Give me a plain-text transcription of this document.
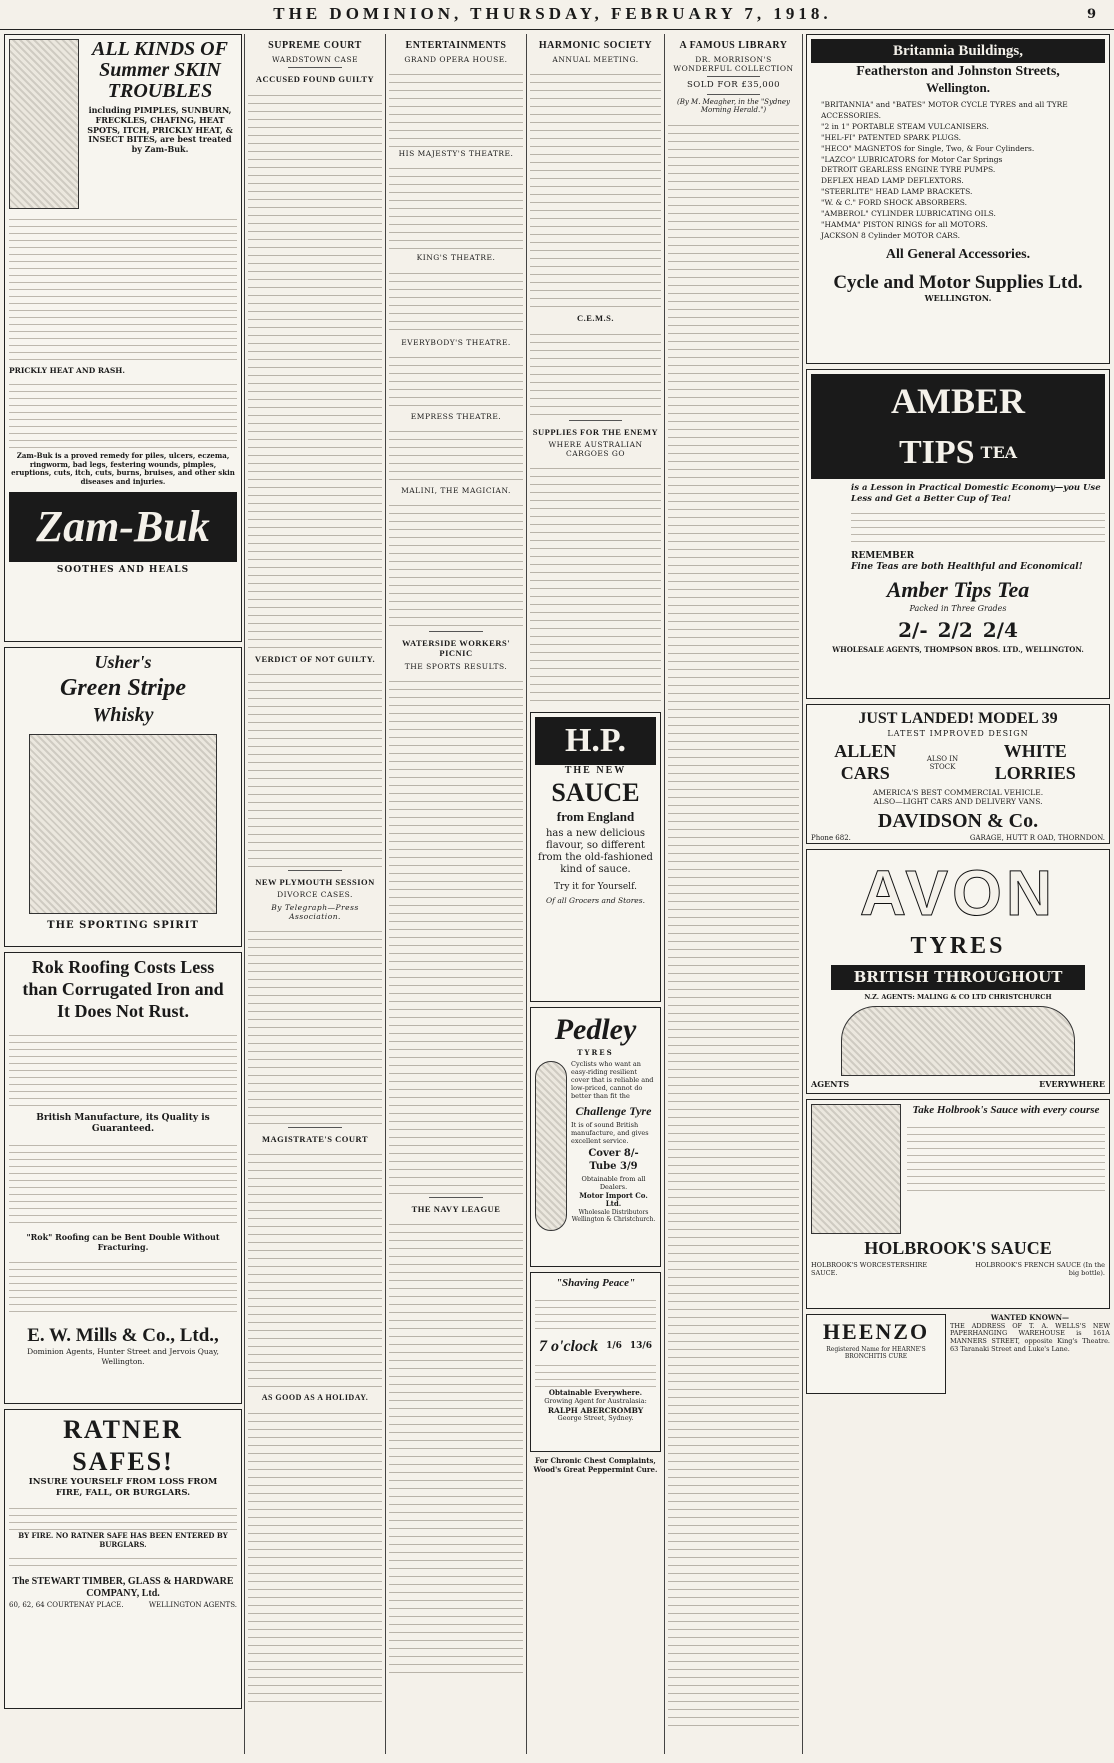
THE DOMINION, THURSDAY, FEBRUARY 7, 1918.	9
ALL KINDS OF Summer SKIN TROUBLES
including PIMPLES, SUNBURN, FRECKLES, CHAFING, HEAT SPOTS, ITCH, PRICKLY HEAT, & INSECT BITES, are best treated by Zam-Buk.
PRICKLY HEAT AND RASH.
Zam-Buk is a proved remedy for piles, ulcers, eczema, ringworm, bad legs, festering wounds, pimples, eruptions, cuts, itch, cuts, burns, bruises, and other skin diseases and injuries.
Zam-Buk
SOOTHES AND HEALS
Usher's
Green Stripe
Whisky
THE SPORTING SPIRIT
Rok Roofing Costs Less
than Corrugated Iron and
It Does Not Rust.
British Manufacture, its Quality is Guaranteed.
"Rok" Roofing can be Bent Double Without Fracturing.
E. W. Mills & Co., Ltd.,
Dominion Agents, Hunter Street and Jervois Quay, Wellington.
RATNER SAFES!
INSURE YOURSELF FROM LOSS FROM
FIRE, FALL, OR BURGLARS.
BY FIRE. NO RATNER SAFE HAS BEEN ENTERED BY BURGLARS.
The STEWART TIMBER, GLASS & HARDWARE COMPANY, Ltd.
60, 62, 64 COURTENAY PLACE.	WELLINGTON AGENTS.
SUPREME COURT
WARDSTOWN CASE
ACCUSED FOUND GUILTY
VERDICT OF NOT GUILTY.
NEW PLYMOUTH SESSION
DIVORCE CASES.
By Telegraph—Press Association.
MAGISTRATE'S COURT
AS GOOD AS A HOLIDAY.
ENTERTAINMENTS
GRAND OPERA HOUSE.
HIS MAJESTY'S THEATRE.
KING'S THEATRE.
EVERYBODY'S THEATRE.
EMPRESS THEATRE.
MALINI, THE MAGICIAN.
WATERSIDE WORKERS' PICNIC
THE SPORTS RESULTS.
THE NAVY LEAGUE
HARMONIC SOCIETY
ANNUAL MEETING.
C.E.M.S.
SUPPLIES FOR THE ENEMY
WHERE AUSTRALIAN CARGOES GO
H.P.
THE NEW
SAUCE
from England
has a new delicious flavour, so different from the old-fashioned kind of sauce.
Try it for Yourself.
Of all Grocers and Stores.
Pedley
TYRES
Cyclists who want an easy-riding resilient cover that is reliable and low-priced, cannot do better than fit the
Challenge Tyre
It is of sound British manufacture, and gives excellent service.
Cover 8/-
Tube 3/9
Obtainable from all Dealers.
Motor Import Co. Ltd.
Wholesale Distributors
Wellington & Christchurch.
"Shaving Peace"
7 o'clock 1/6 13/6
Obtainable Everywhere.
Growing Agent for Australasia:
RALPH ABERCROMBY
George Street, Sydney.
For Chronic Chest Complaints,
Wood's Great Peppermint Cure.
A FAMOUS LIBRARY
DR. MORRISON'S WONDERFUL COLLECTION
SOLD FOR £35,000
(By M. Meagher, in the "Sydney Morning Herald.")
Britannia Buildings,
Featherston and Johnston Streets,
Wellington.
"BRITANNIA" and "BATES" MOTOR CYCLE TYRES and all TYRE ACCESSORIES.
"2 in 1" PORTABLE STEAM VULCANISERS.
"HEL-FI" PATENTED SPARK PLUGS.
"HECO" MAGNETOS for Single, Two, & Four Cylinders.
"LAZCO" LUBRICATORS for Motor Car Springs
DETROIT GEARLESS ENGINE TYRE PUMPS.
DEFLEX HEAD LAMP DEFLEXTORS.
"STEERLITE" HEAD LAMP BRACKETS.
"W. & C." FORD SHOCK ABSORBERS.
"AMBEROL" CYLINDER LUBRICATING OILS.
"HAMMA" PISTON RINGS for all MOTORS.
JACKSON 8 Cylinder MOTOR CARS.
All General Accessories.
Cycle and Motor Supplies Ltd.
WELLINGTON.
AMBER
TIPS TEA
is a Lesson in Practical Domestic Economy—you Use Less and Get a Better Cup of Tea!
REMEMBER
Fine Teas are both Healthful and Economical!
Amber Tips Tea
Packed in Three Grades
2/- 2/2 2/4
WHOLESALE AGENTS, THOMPSON BROS. LTD., WELLINGTON.
JUST LANDED! MODEL 39
LATEST IMPROVED DESIGN
ALLEN CARS
ALSO IN STOCK
WHITE LORRIES
AMERICA'S BEST COMMERCIAL VEHICLE.
ALSO—LIGHT CARS AND DELIVERY VANS.
DAVIDSON & Co.
Phone 682.	GARAGE, HUTT R OAD, THORNDON.
AVON
TYRES
BRITISH THROUGHOUT
N.Z. AGENTS: MALING & CO LTD CHRISTCHURCH
AGENTS	EVERYWHERE
Take Holbrook's Sauce with every course
HOLBROOK'S SAUCE
HOLBROOK'S WORCESTERSHIRE SAUCE.
HOLBROOK'S FRENCH SAUCE (In the big bottle).
HEENZO
Registered Name for HEARNE'S BRONCHITIS CURE
WANTED KNOWN—
THE ADDRESS OF T. A. WELLS'S NEW PAPERHANGING WAREHOUSE is 161A MANNERS STREET, opposite King's Theatre. 63 Taranaki Street and Luke's Lane.
